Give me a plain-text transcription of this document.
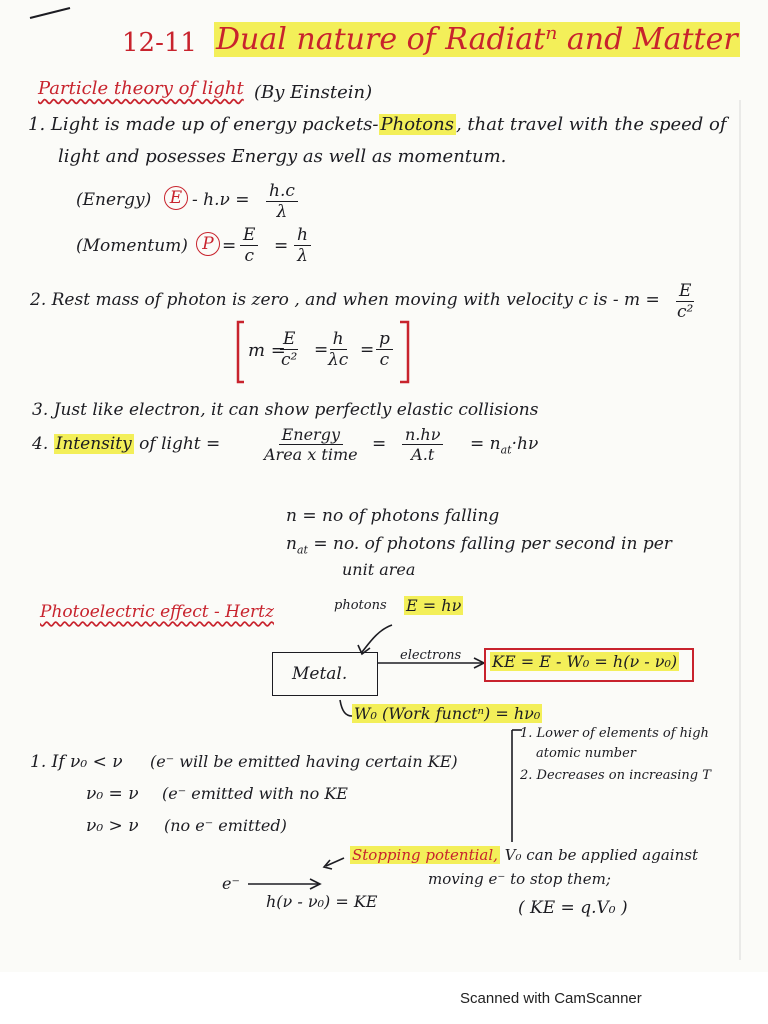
12-11 Dual nature of Radiatⁿ and Matter
Particle theory of light (By Einstein)
1. Light is made up of energy packets- Photons , that travel with the speed of
light and posesses Energy as well as momentum.
(Energy)	$E - h.\nu = \frac{h.c}{\lambda}$
(Momentum) $P = \frac{E}{c} = \frac{h}{\lambda}$
2. Rest mass of photon is zero , and when moving with velocity c is - $m = \frac{E}{\text{c²}}$
m =
$\frac{E}{\text{c²}} = \frac{h}{\lambda c} = \frac{p}{c}$
3. Just like electron, it can show perfectly elastic collisions
4. Intensity of light =	Energy
Area x time
= $\frac{n.h\nu}{A.t} = n_{at}\cdot h\nu$
n = no of photons falling
$n_{at}$ = no. of photons falling per second in per
unit area
Photoelectric effect - Hertz	photons E = hν
Metal.
electrons KE = E - W₀ = h(ν - ν₀)
W₀ (Work functⁿ) = hν₀
1. Lower of elements of high
atomic number
2. Decreases on increasing T
1. If ν₀ < ν (e⁻ will be emitted having certain KE)
ν₀ = ν (e⁻ emitted with no KE
ν₀ > ν (no e⁻ emitted)
Stopping potential, V₀ can be applied against
moving e⁻ to stop them;
( KE = q.V₀ )
e⁻
h(ν - ν₀) = KE
Scanned with CamScanner
